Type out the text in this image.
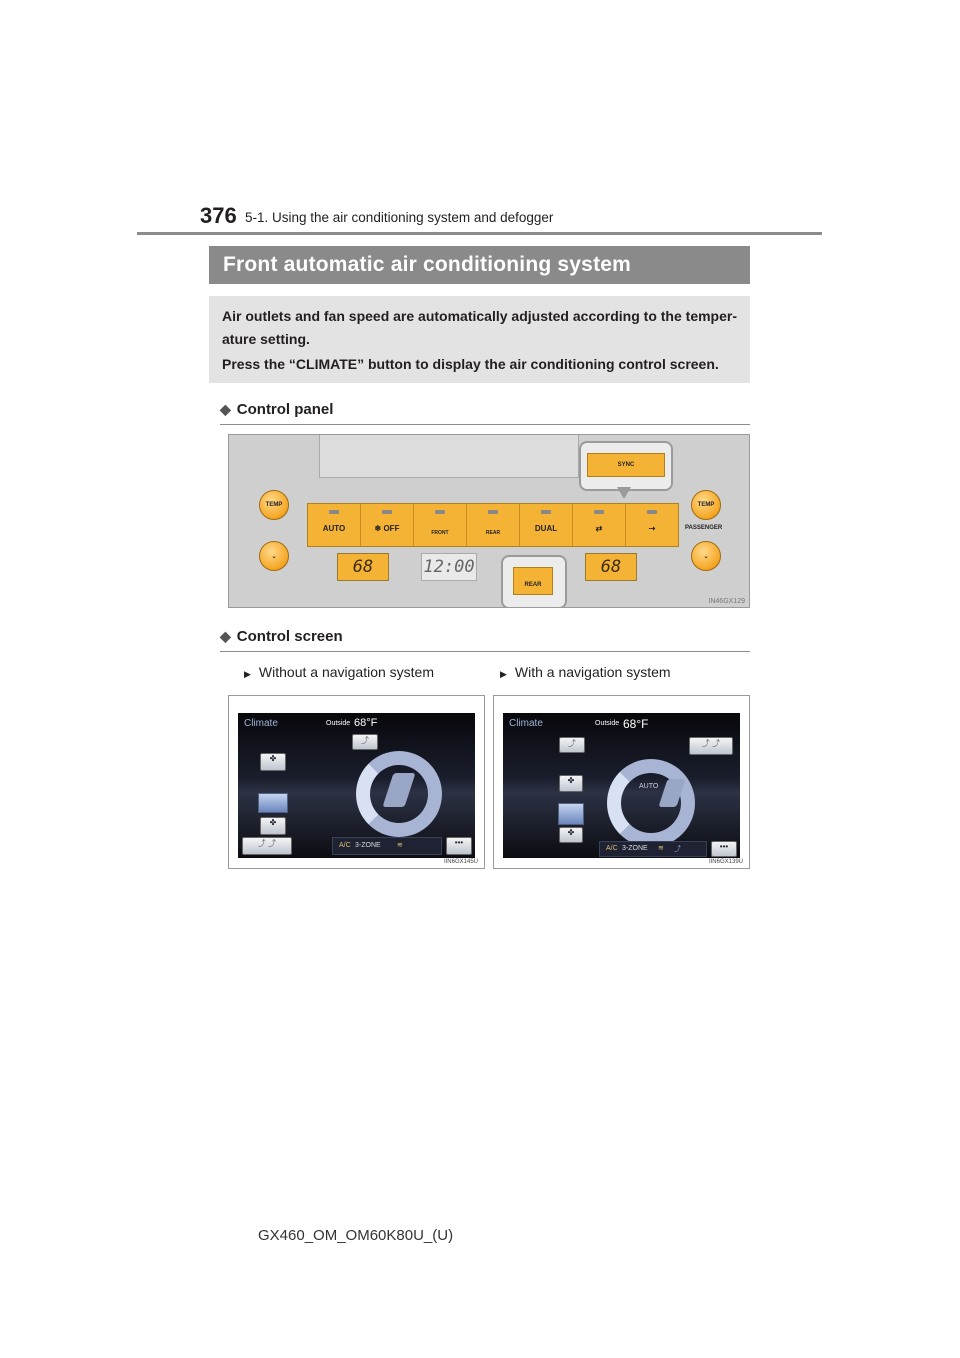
376 5-1. Using the air conditioning system and defogger
Front automatic air conditioning system
Air outlets and fan speed are automatically adjusted according to the temper-
ature setting.
Press the “CLIMATE” button to display the air conditioning control screen.
◆ Control panel
SYNC
TEMP
⌄
TEMP
PASSENGER
⌄
AUTO	❄ OFF	FRONT	REAR	DUAL	⇄	⇢
68	12:00	68
REAR
IN46GX129
◆ Control screen
▶ Without a navigation system	▶ With a navigation system
Climate	Outside 68°F
⤴
✤
✤
⤴ ⤴	A/C 3-ZONE ≋	•••
IIN6GX145U
Climate	Outside 68°F
⤴	⤴ ⤴
✤
✤
AUTO
A/C 3-ZONE ≋ ⤴	•••
IIN6GX139U
GX460_OM_OM60K80U_(U)
